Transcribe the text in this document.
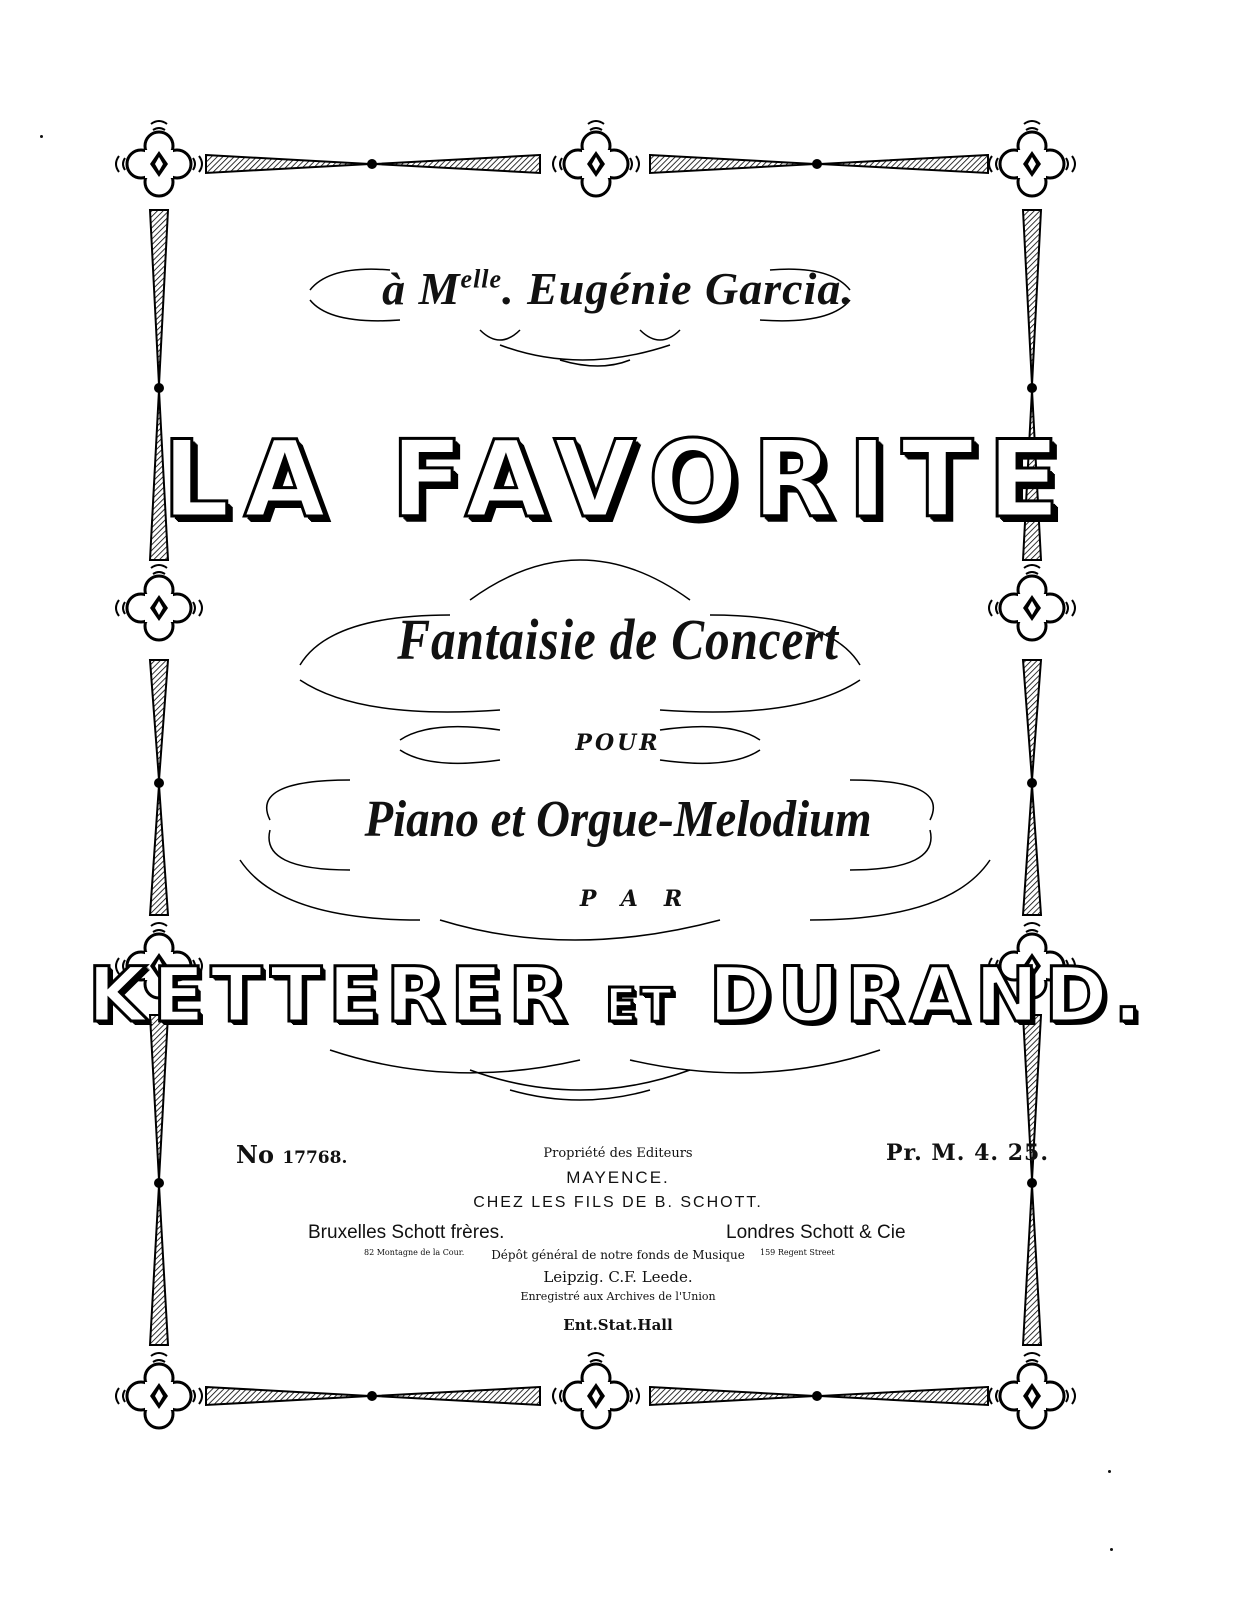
à $M^{elle}$. Eugénie Garcia.
LA FAVORITE
Fantaisie de Concert
POUR
Piano et Orgue-Melodium
PAR
KETTERER ET DURAND.
No 17768.	Pr. M. 4. 25.
Propriété des Editeurs
MAYENCE.
CHEZ LES FILS DE B. SCHOTT.
Bruxelles Schott frères.
82 Montagne de la Cour.
Londres Schott & Cie
159 Regent Street
Dépôt général de notre fonds de Musique
Leipzig. C.F. Leede.
Enregistré aux Archives de l'Union
Ent.Stat.Hall
